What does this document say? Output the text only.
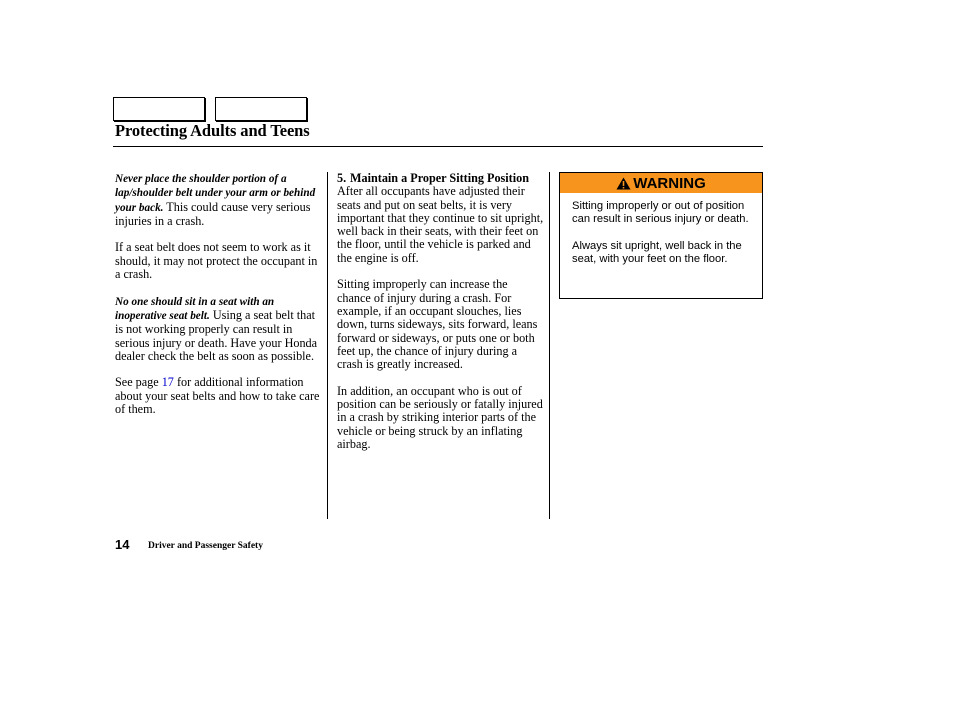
Protecting Adults and Teens

Never place the shoulder portion of a lap/shoulder belt under your arm or behind your back. This could cause very serious injuries in a crash.

If a seat belt does not seem to work as it should, it may not protect the occupant in a crash.

No one should sit in a seat with an inoperative seat belt. Using a seat belt that is not working properly can result in serious injury or death. Have your Honda dealer check the belt as soon as possible.

See page 17 for additional information about your seat belts and how to take care of them.

5. Maintain a Proper Sitting Position

After all occupants have adjusted their seats and put on seat belts, it is very important that they continue to sit upright, well back in their seats, with their feet on the floor, until the vehicle is parked and the engine is off.

Sitting improperly can increase the chance of injury during a crash. For example, if an occupant slouches, lies down, turns sideways, sits forward, leans forward or sideways, or puts one or both feet up, the chance of injury during a crash is greatly increased.

In addition, an occupant who is out of position can be seriously or fatally injured in a crash by striking interior parts of the vehicle or being struck by an inflating airbag.

WARNING

Sitting improperly or out of position can result in serious injury or death.

Always sit upright, well back in the seat, with your feet on the floor.

14 Driver and Passenger Safety
